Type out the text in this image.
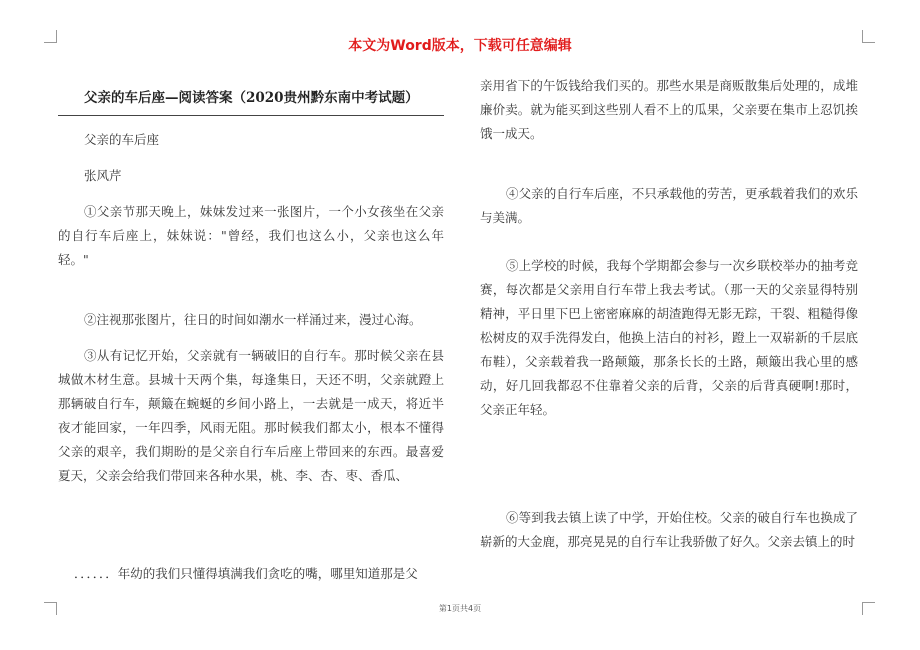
本文为Word版本，下载可任意编辑
父亲的车后座—阅读答案（2020贵州黔东南中考试题）

父亲的车后座

张风芹

①父亲节那天晚上，妹妹发过来一张图片，一个小女孩坐在父亲的自行车后座上，妹妹说："曾经，我们也这么小，父亲也这么年轻。"

②注视那张图片，往日的时间如潮水一样涌过来，漫过心海。

③从有记忆开始，父亲就有一辆破旧的自行车。那时候父亲在县城做木材生意。县城十天两个集，每逢集日，天还不明，父亲就蹬上那辆破自行车，颠簸在蜿蜒的乡间小路上，一去就是一成天，将近半夜才能回家，一年四季，风雨无阻。那时候我们都太小，根本不懂得父亲的艰辛，我们期盼的是父亲自行车后座上带回来的东西。最喜爱夏天，父亲会给我们带回来各种水果，桃、李、杏、枣、香瓜、

．．．．．．年幼的我们只懂得填满我们贪吃的嘴，哪里知道那是父

亲用省下的午饭钱给我们买的。那些水果是商贩散集后处理的，成堆廉价卖。就为能买到这些别人看不上的瓜果，父亲要在集市上忍饥挨饿一成天。

④父亲的自行车后座，不只承载他的劳苦，更承载着我们的欢乐与美满。

⑤上学校的时候，我每个学期都会参与一次乡联校举办的抽考竞赛，每次都是父亲用自行车带上我去考试。（那一天的父亲显得特别精神，平日里下巴上密密麻麻的胡渣跑得无影无踪，干裂、粗糙得像松树皮的双手洗得发白，他换上洁白的衬衫，蹬上一双崭新的千层底布鞋），父亲载着我一路颠簸，那条长长的土路，颠簸出我心里的感动，好几回我都忍不住靠着父亲的后背，父亲的后背真硬啊!那时，父亲正年轻。

⑥等到我去镇上读了中学，开始住校。父亲的破自行车也换成了崭新的大金鹿，那亮晃晃的自行车让我骄傲了好久。父亲去镇上的时

第1页共4页
